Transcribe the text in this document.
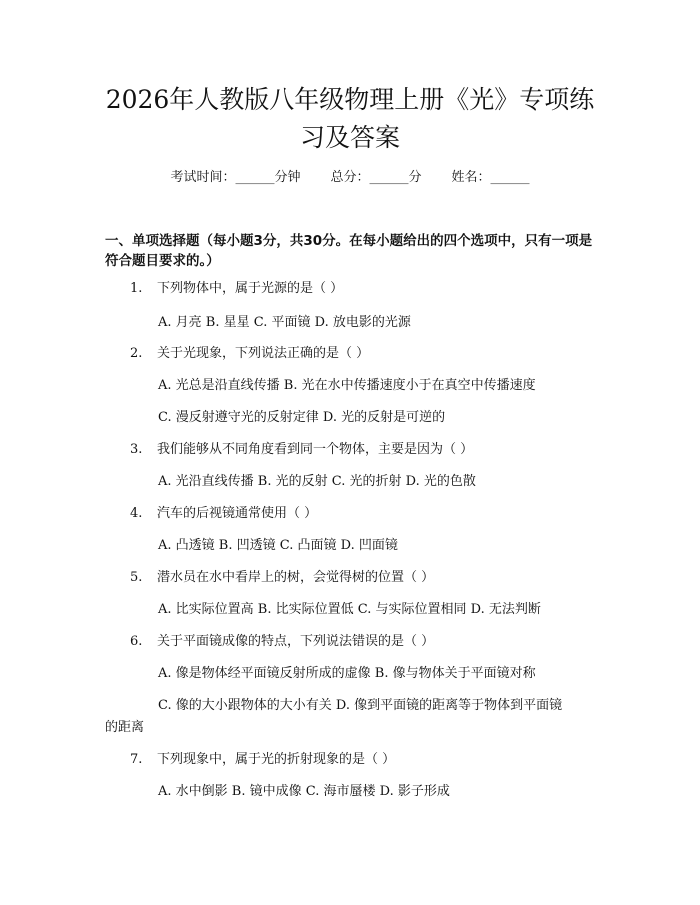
2026年人教版八年级物理上册《光》专项练
习及答案
考试时间：______分钟 总分：______分 姓名：______
一、单项选择题（每小题3分，共30分。在每小题给出的四个选项中，只有一项是符合题目要求的。）
1. 下列物体中，属于光源的是（ ）
A. 月亮 B. 星星 C. 平面镜 D. 放电影的光源
2. 关于光现象，下列说法正确的是（ ）
A. 光总是沿直线传播 B. 光在水中传播速度小于在真空中传播速度
C. 漫反射遵守光的反射定律 D. 光的反射是可逆的
3. 我们能够从不同角度看到同一个物体，主要是因为（ ）
A. 光沿直线传播 B. 光的反射 C. 光的折射 D. 光的色散
4. 汽车的后视镜通常使用（ ）
A. 凸透镜 B. 凹透镜 C. 凸面镜 D. 凹面镜
5. 潜水员在水中看岸上的树，会觉得树的位置（ ）
A. 比实际位置高 B. 比实际位置低 C. 与实际位置相同 D. 无法判断
6. 关于平面镜成像的特点，下列说法错误的是（ ）
A. 像是物体经平面镜反射所成的虚像 B. 像与物体关于平面镜对称
C. 像的大小跟物体的大小有关 D. 像到平面镜的距离等于物体到平面镜
的距离
7. 下列现象中，属于光的折射现象的是（ ）
A. 水中倒影 B. 镜中成像 C. 海市蜃楼 D. 影子形成
